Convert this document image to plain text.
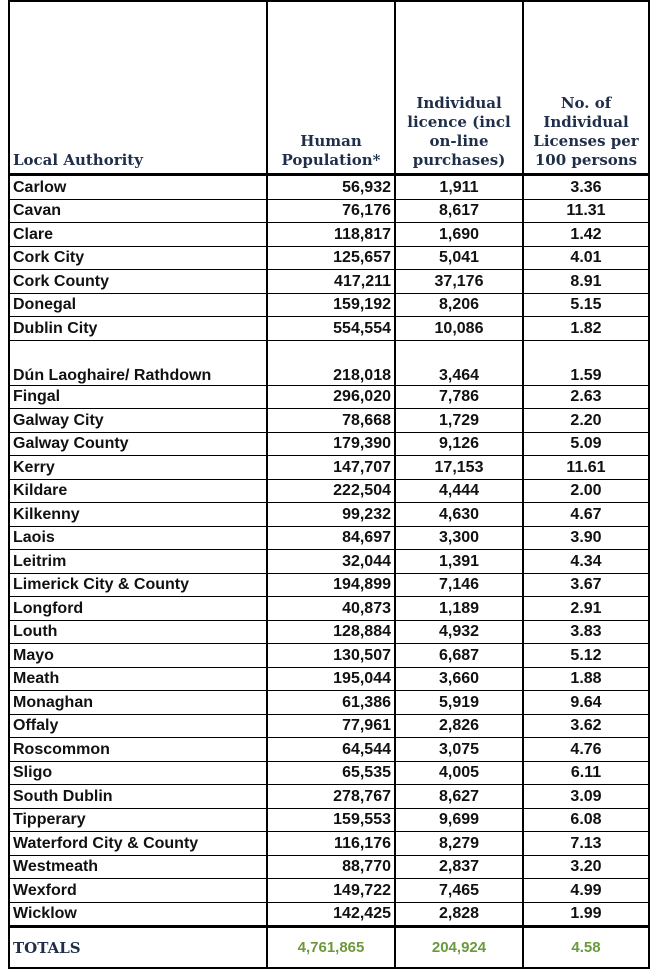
Local Authority	Human Population*	Individual licence (incl on-line purchases)	No. of Individual Licenses per 100 persons
Carlow	56,932	1,911	3.36
Cavan	76,176	8,617	11.31
Clare	118,817	1,690	1.42
Cork City	125,657	5,041	4.01
Cork County	417,211	37,176	8.91
Donegal	159,192	8,206	5.15
Dublin City	554,554	10,086	1.82
Dún Laoghaire/ Rathdown	218,018	3,464	1.59
Fingal	296,020	7,786	2.63
Galway City	78,668	1,729	2.20
Galway County	179,390	9,126	5.09
Kerry	147,707	17,153	11.61
Kildare	222,504	4,444	2.00
Kilkenny	99,232	4,630	4.67
Laois	84,697	3,300	3.90
Leitrim	32,044	1,391	4.34
Limerick City & County	194,899	7,146	3.67
Longford	40,873	1,189	2.91
Louth	128,884	4,932	3.83
Mayo	130,507	6,687	5.12
Meath	195,044	3,660	1.88
Monaghan	61,386	5,919	9.64
Offaly	77,961	2,826	3.62
Roscommon	64,544	3,075	4.76
Sligo	65,535	4,005	6.11
South Dublin	278,767	8,627	3.09
Tipperary	159,553	9,699	6.08
Waterford City & County	116,176	8,279	7.13
Westmeath	88,770	2,837	3.20
Wexford	149,722	7,465	4.99
Wicklow	142,425	2,828	1.99
TOTALS	4,761,865	204,924	4.58
